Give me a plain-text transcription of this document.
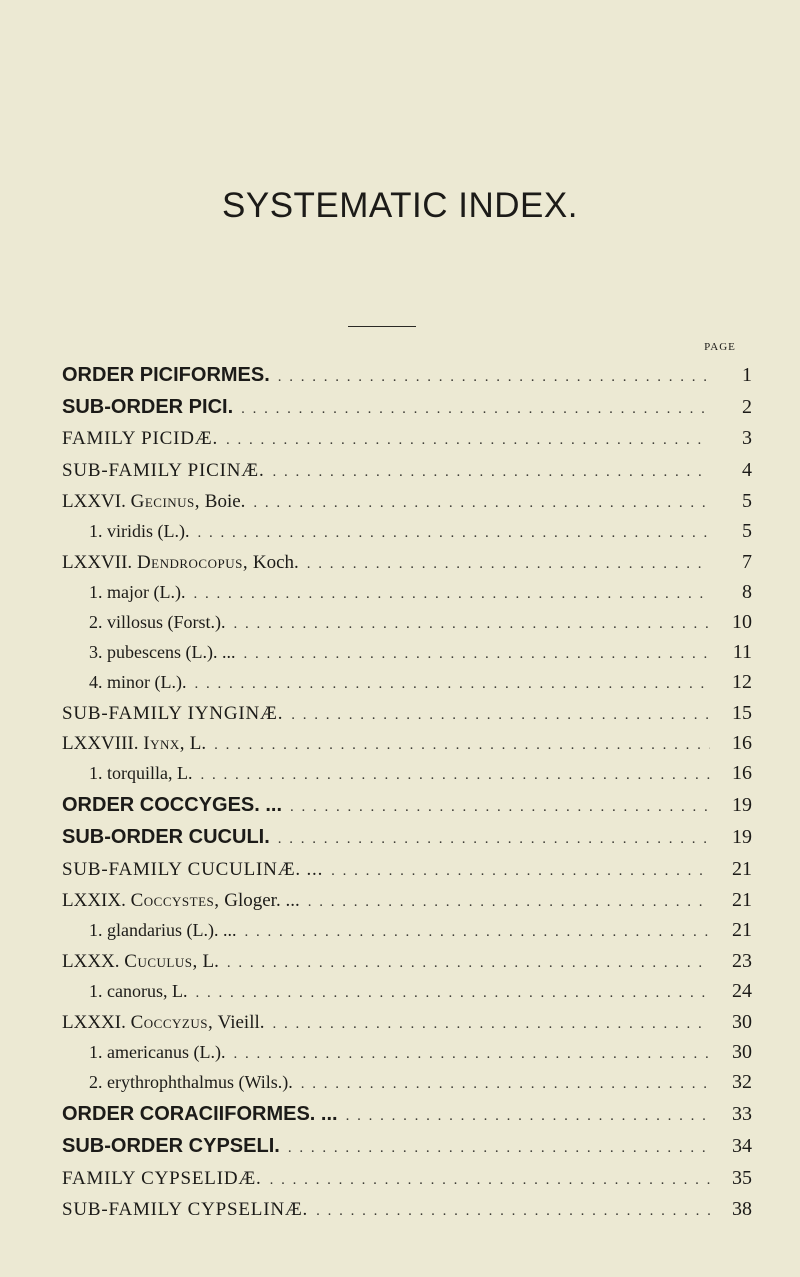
SYSTEMATIC INDEX.
PAGE
ORDER PICIFORMES. . . .	1
SUB-ORDER PICI. . . .	2
FAMILY PICIDÆ. . . .	3
SUB-FAMILY PICINÆ. . . .	4
LXXVI. Gecinus, Boie. . . .	5
1. viridis (L.). . . .	5
LXXVII. Dendrocopus, Koch. . . .	7
1. major (L.). . . .	8
2. villosus (Forst.). . . .	10
3. pubescens (L.). ... . . .	11
4. minor (L.). . . .	12
SUB-FAMILY IYNGINÆ. . . .	15
LXXVIII. Iynx, L. . . .	16
1. torquilla, L. . . .	16
ORDER COCCYGES. ... . . .	19
SUB-ORDER CUCULI. . . .	19
SUB-FAMILY CUCULINÆ. ... . . .	21
LXXIX. Coccystes, Gloger. ... . . .	21
1. glandarius (L.). ... . . .	21
LXXX. Cuculus, L. . . .	23
1. canorus, L. . . .	24
LXXXI. Coccyzus, Vieill. . . .	30
1. americanus (L.). . . .	30
2. erythrophthalmus (Wils.). . . .	32
ORDER CORACIIFORMES. ... . . .	33
SUB-ORDER CYPSELI. . . .	34
FAMILY CYPSELIDÆ. . . .	35
SUB-FAMILY CYPSELINÆ. . . .	38
